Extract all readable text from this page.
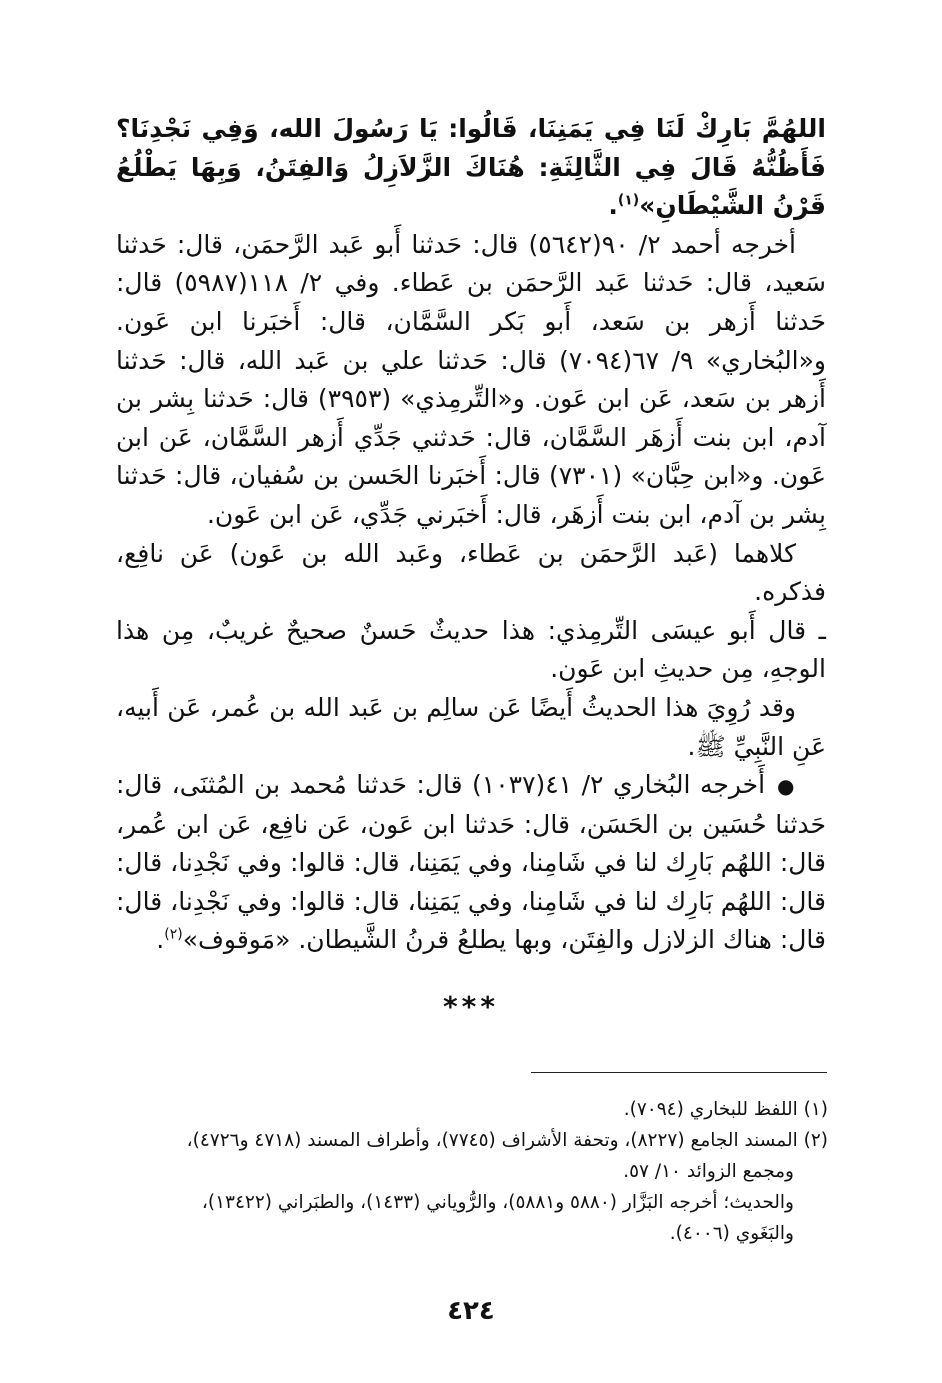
اللهُمَّ بَارِكْ لَنَا فِي يَمَنِنَا، قَالُوا: يَا رَسُولَ الله، وَفِي نَجْدِنَا؟ فَأَظُنُّهُ قَالَ فِي الثَّالِثَةِ: هُنَاكَ الزَّلاَزِلُ وَالفِتَنُ، وَبِهَا يَطْلُعُ قَرْنُ الشَّيْطَانِ»$^{(١)}$.

أخرجه أحمد ٢/ ٩٠(٥٦٤٢) قال: حَدثنا أَبو عَبد الرَّحمَن، قال: حَدثنا سَعيد، قال: حَدثنا عَبد الرَّحمَن بن عَطاء. وفي ٢/ ١١٨(٥٩٨٧) قال: حَدثنا أَزهر بن سَعد، أَبو بَكر السَّمَّان، قال: أَخبَرنا ابن عَون. و«البُخاري» ٩/ ٦٧(٧٠٩٤) قال: حَدثنا علي بن عَبد الله، قال: حَدثنا أَزهر بن سَعد، عَن ابن عَون. و«التِّرمِذي» (٣٩٥٣) قال: حَدثنا بِشر بن آدم، ابن بنت أَزهَر السَّمَّان، قال: حَدثني جَدِّي أَزهر السَّمَّان، عَن ابن عَون. و«ابن حِبَّان» (٧٣٠١) قال: أَخبَرنا الحَسن بن سُفيان، قال: حَدثنا بِشر بن آدم، ابن بنت أَزهَر، قال: أَخبَرني جَدِّي، عَن ابن عَون.

كلاهما (عَبد الرَّحمَن بن عَطاء، وعَبد الله بن عَون) عَن نافِع، فذكره.

ـ قال أَبو عيسَى التِّرمِذي: هذا حديثٌ حَسنٌ صحيحٌ غريبٌ، مِن هذا الوجهِ، مِن حديثِ ابن عَون.

وقد رُوِيَ هذا الحديثُ أَيضًا عَن سالِم بن عَبد الله بن عُمر، عَن أَبيه، عَنِ النَّبِيِّ ﷺ.

●أَخرجه البُخاري ٢/ ٤١(١٠٣٧) قال: حَدثنا مُحمد بن المُثنَى، قال: حَدثنا حُسَين بن الحَسَن، قال: حَدثنا ابن عَون، عَن نافِع، عَن ابن عُمر، قال: اللهُم بَارِك لنا في شَامِنا، وفي يَمَنِنا، قال: قالوا: وفي نَجْدِنا، قال: قال: اللهُم بَارِك لنا في شَامِنا، وفي يَمَنِنا، قال: قالوا: وفي نَجْدِنا، قال: قال: هناك الزلازل والفِتَن، وبها يطلعُ قرنُ الشَّيطان. «مَوقوف»$^{(٢)}$.

***

(١) اللفظ للبخاري (٧٠٩٤).

(٢) المسند الجامع (٨٢٢٧)، وتحفة الأشراف (٧٧٤٥)، وأطراف المسند (٤٧١٨ و٤٧٢٦)،

ومجمع الزوائد ١٠/ ٥٧.

والحديث؛ أخرجه البَزَّار (٥٨٨٠ و٥٨٨١)، والرُّوياني (١٤٣٣)، والطبَراني (١٣٤٢٢)،

والبَغَوي (٤٠٠٦).

٤٢٤
